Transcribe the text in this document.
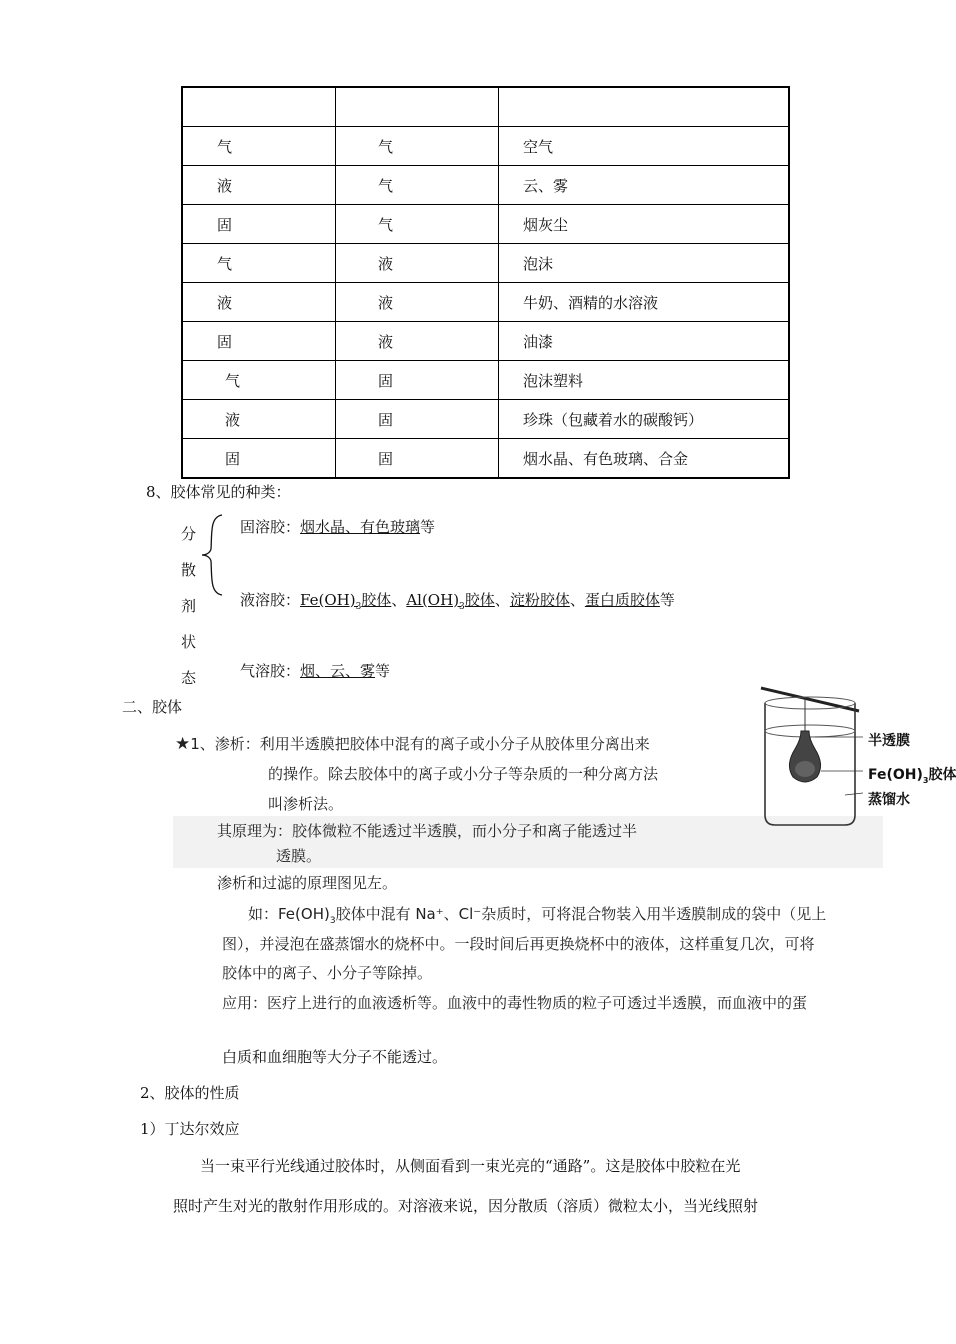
气	气	空气
液	气	云、雾
固	气	烟灰尘
气	液	泡沫
液	液	牛奶、酒精的水溶液
固	液	油漆
气	固	泡沫塑料
液	固	珍珠（包藏着水的碳酸钙）
固	固	烟水晶、有色玻璃、合金
8、胶体常见的种类：
分
散
剂
状
态
固溶胶：烟水晶、有色玻璃等
液溶胶：$Fe(OH)_3$胶体、$Al(OH)_3$胶体、淀粉胶体、蛋白质胶体等
气溶胶：烟、云、雾等
二、胶体
★1、渗析：利用半透膜把胶体中混有的离子或小分子从胶体里分离出来
的操作。除去胶体中的离子或小分子等杂质的一种分离方法
叫渗析法。
其原理为：胶体微粒不能透过半透膜，而小分子和离子能透过半
透膜。
渗析和过滤的原理图见左。
如：$Fe(OH)_3$胶体中混有 Na⁺、Cl⁻杂质时，可将混合物装入用半透膜制成的袋中（见上
图），并浸泡在盛蒸馏水的烧杯中。一段时间后再更换烧杯中的液体，这样重复几次，可将
胶体中的离子、小分子等除掉。
应用：医疗上进行的血液透析等。血液中的毒性物质的粒子可透过半透膜，而血液中的蛋
白质和血细胞等大分子不能透过。
半透膜
$Fe(OH)_3$胶体
蒸馏水
2、胶体的性质
1）丁达尔效应
当一束平行光线通过胶体时，从侧面看到一束光亮的“通路”。这是胶体中胶粒在光
照时产生对光的散射作用形成的。对溶液来说，因分散质（溶质）微粒太小，当光线照射
